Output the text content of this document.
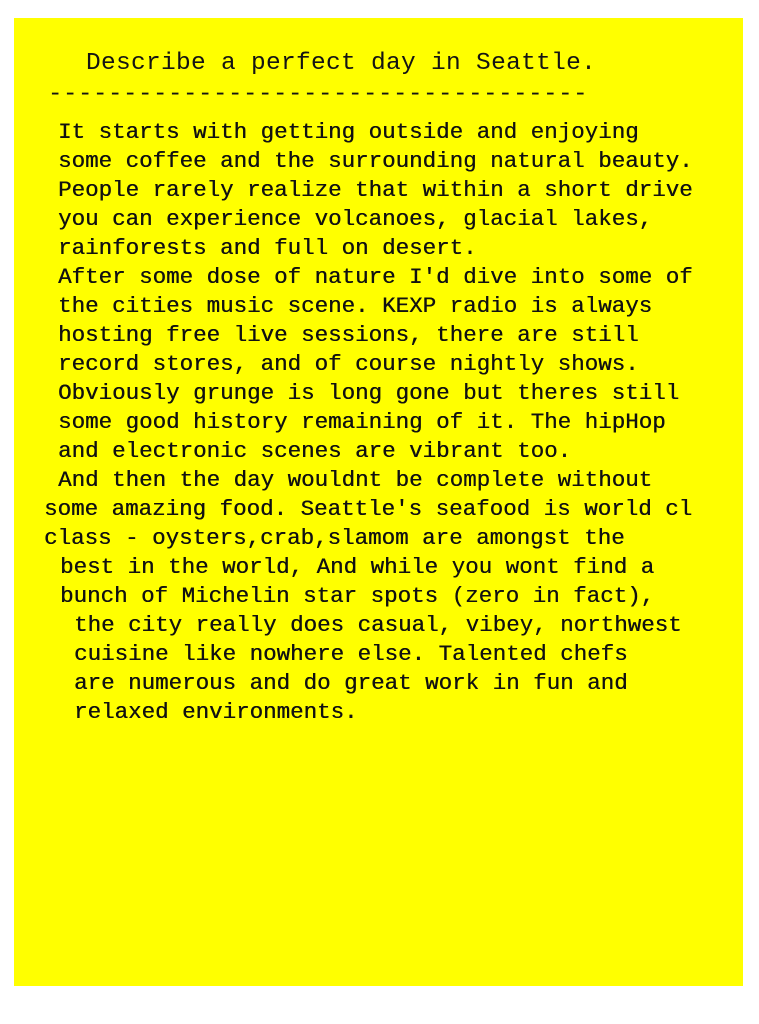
Describe a perfect day in Seattle.
------------------------------------
It starts with getting outside and enjoying
some coffee and the surrounding natural beauty.
People rarely realize that within a short drive
you can experience volcanoes, glacial lakes,
rainforests and full on desert.
After some dose of nature I'd dive into some of
the cities music scene. KEXP radio is always
hosting free live sessions, there are still
record stores, and of course nightly shows.
Obviously grunge is long gone but theres still
some good history remaining of it. The hipHop
and electronic scenes are vibrant too.
And then the day wouldnt be complete without
some amazing food. Seattle's seafood is world cl
class - oysters,crab,slamom are amongst the
best in the world, And while you wont find a
bunch of Michelin star spots (zero in fact),
the city really does casual, vibey, northwest
cuisine like nowhere else. Talented chefs
are numerous and do great work in fun and
relaxed environments.
